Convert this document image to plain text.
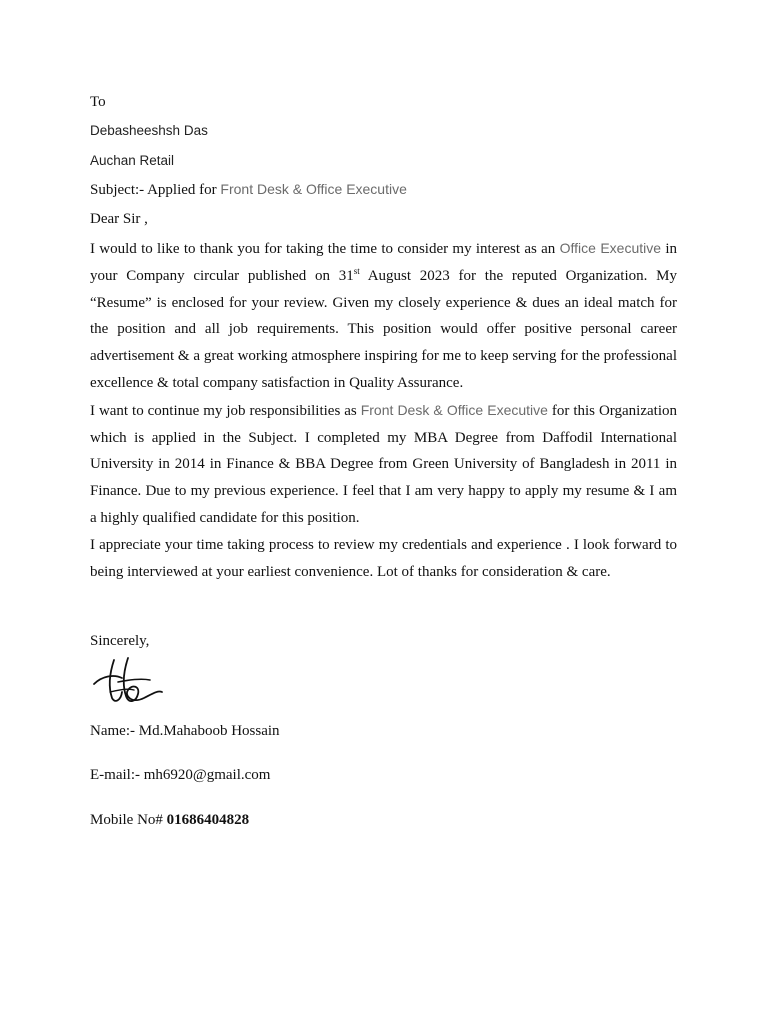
To
Debasheeshsh Das
Auchan Retail
Subject:- Applied for Front Desk & Office Executive
Dear Sir ,

I would to like to thank you for taking the time to consider my interest as an Office Executive in your Company circular published on 31st August 2023 for the reputed Organization. My “Resume” is enclosed for your review. Given my closely experience & dues an ideal match for the position and all job requirements. This position would offer positive personal career advertisement & a great working atmosphere inspiring for me to keep serving for the professional excellence & total company satisfaction in Quality Assurance.

I want to continue my job responsibilities as Front Desk & Office Executive for this Organization which is applied in the Subject. I completed my MBA Degree from Daffodil International University in 2014 in Finance & BBA Degree from Green University of Bangladesh in 2011 in Finance. Due to my previous experience. I feel that I am very happy to apply my resume & I am a highly qualified candidate for this position.

I appreciate your time taking process to review my credentials and experience . I look forward to being interviewed at your earliest convenience. Lot of thanks for consideration & care.

Sincerely,
Name:- Md.Mahaboob Hossain
E-mail:- mh6920@gmail.com
Mobile No# 01686404828
